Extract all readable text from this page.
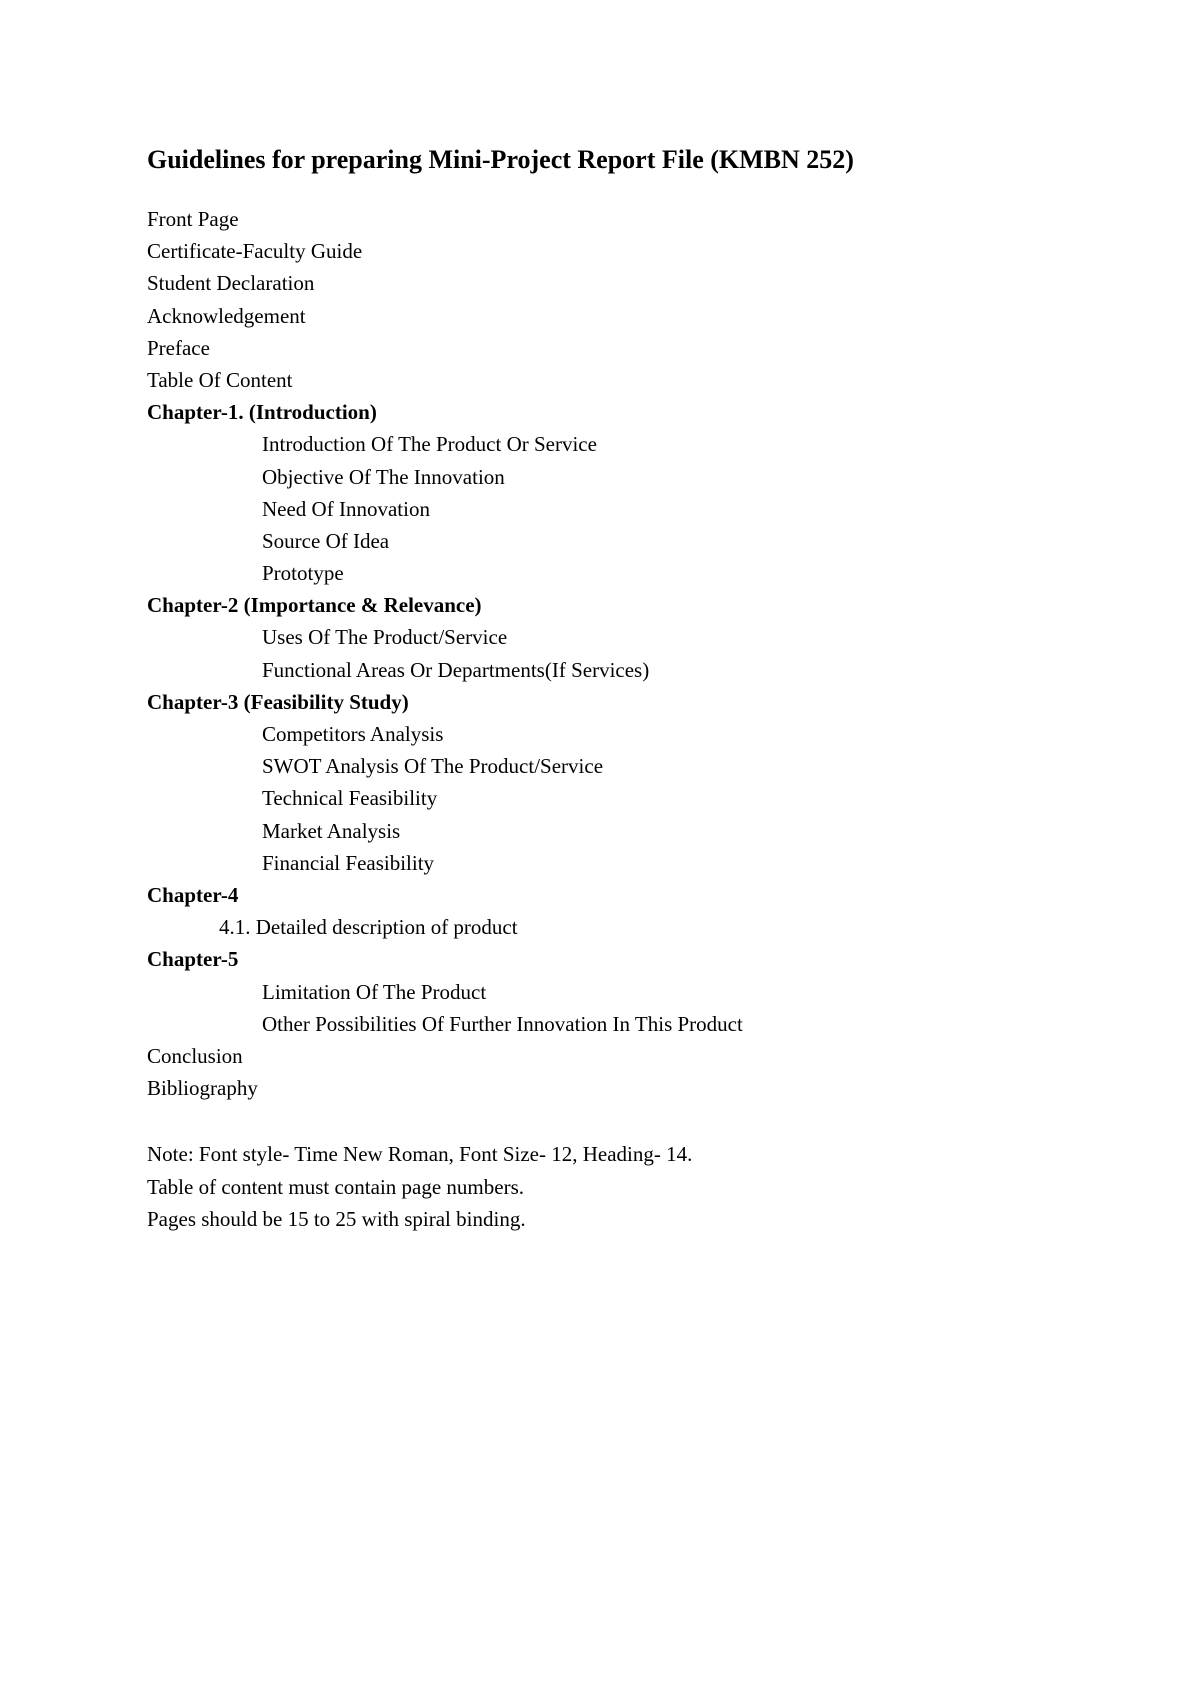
Guidelines for preparing Mini-Project Report File (KMBN 252)
Front Page
Certificate-Faculty Guide
Student Declaration
Acknowledgement
Preface
Table Of Content
Chapter-1. (Introduction)
Introduction Of The Product Or Service
Objective Of The Innovation
Need Of Innovation
Source Of Idea
Prototype
Chapter-2 (Importance & Relevance)
Uses Of The Product/Service
Functional Areas Or Departments(If Services)
Chapter-3 (Feasibility Study)
Competitors Analysis
SWOT Analysis Of The Product/Service
Technical Feasibility
Market Analysis
Financial Feasibility
Chapter-4
4.1. Detailed description of product
Chapter-5
Limitation Of The Product
Other Possibilities Of Further Innovation In This Product
Conclusion
Bibliography
Note: Font style- Time New Roman, Font Size- 12, Heading- 14.
Table of content must contain page numbers.
Pages should be 15 to 25 with spiral binding.
